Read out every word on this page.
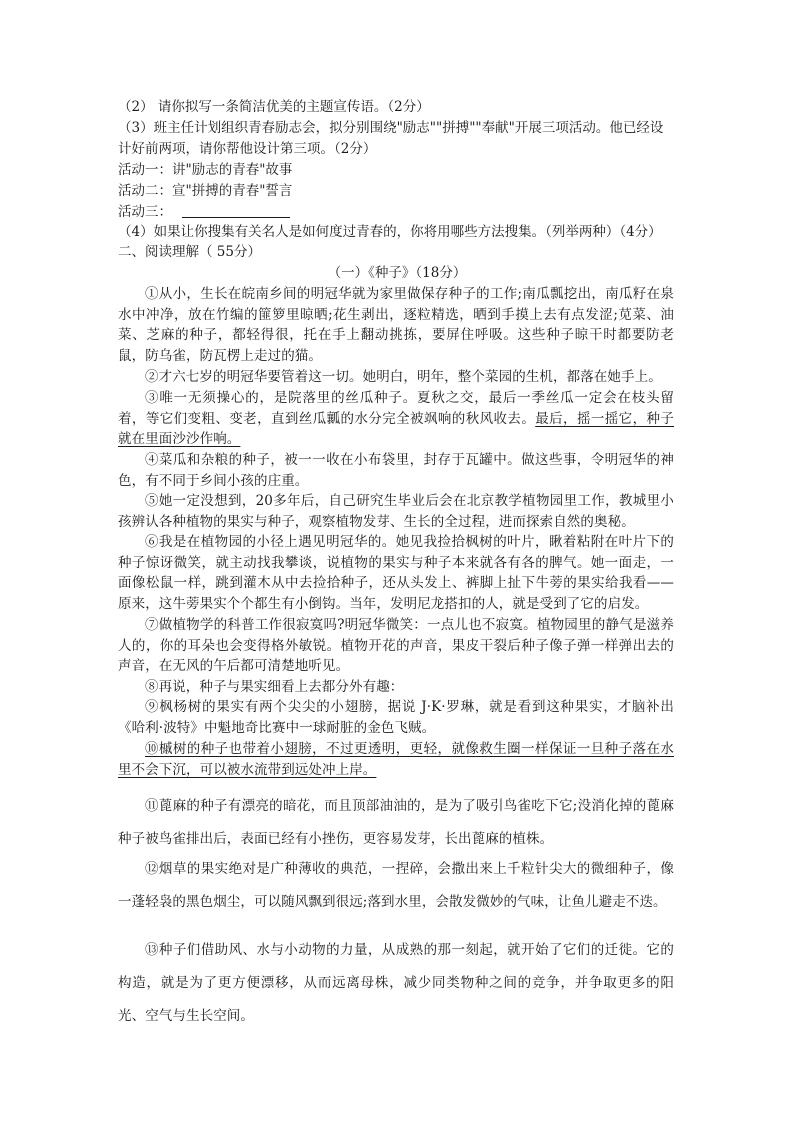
（2） 请你拟写一条简洁优美的主题宣传语。（2分）
（3）班主任计划组织青春励志会，拟分别围绕"励志""拼搏""奉献"开展三项活动。他已经设
计好前两项，请你帮他设计第三项。（2分）
活动一：讲"励志的青春"故事
活动二：宣"拼搏的青春"誓言
活动三：
（4）如果让你搜集有关名人是如何度过青春的，你将用哪些方法搜集。（列举两种）（4分）
二、阅读理解（ 55分）
（一）《种子》（18分）
①从小，生长在皖南乡间的明冠华就为家里做保存种子的工作;南瓜瓢挖出，南瓜籽在泉水中冲净，放在竹编的篚箩里晾晒;花生剥出，逐粒精选，晒到手摸上去有点发涩;苋菜、油菜、芝麻的种子，都轻得很，托在手上翻动挑拣，要屏住呼吸。这些种子晾干时都要防老鼠，防乌雀，防瓦楞上走过的猫。
②才六七岁的明冠华要管着这一切。她明白，明年，整个菜园的生机，都落在她手上。
③唯一无须操心的，是院落里的丝瓜种子。夏秋之交，最后一季丝瓜一定会在枝头留着，等它们变粗、变老，直到丝瓜瓤的水分完全被飒响的秋风收去。最后，摇一摇它，种子就在里面沙沙作响。
④菜瓜和杂粮的种子，被一一收在小布袋里，封存于瓦罐中。做这些事，令明冠华的神色，有不同于乡间小孩的庄重。
⑤她一定没想到，20多年后，自己研究生毕业后会在北京教学植物园里工作，教城里小孩辨认各种植物的果实与种子，观察植物发芽、生长的全过程，进而探索自然的奥秘。
⑥我是在植物园的小径上遇见明冠华的。她见我捡拾枫树的叶片，瞅着粘附在叶片下的种子惊讶微笑，就主动找我攀谈，说植物的果实与种子本来就各有各的脾气。她一面走，一面像松鼠一样，跳到灌木从中去捡拾种子，还从头发上、裤脚上扯下牛蒡的果实给我看——原来，这牛蒡果实个个都生有小倒钩。当年，发明尼龙搭扣的人，就是受到了它的启发。
⑦做植物学的科普工作很寂寞吗?明冠华微笑：一点儿也不寂寞。植物园里的静气是滋养人的，你的耳朵也会变得格外敏锐。植物开花的声音，果皮干裂后种子像子弹一样弹出去的声音，在无风的午后都可清楚地听见。
⑧再说，种子与果实细看上去都分外有趣：
⑨枫杨树的果实有两个尖尖的小翅膀，据说 J·K·罗琳，就是看到这种果实，才脑补出《哈利·波特》中魁地奇比赛中一球耐脏的金色飞贼。
⑩槭树的种子也带着小翅膀，不过更透明，更轻，就像救生圈一样保证一旦种子落在水里不会下沉，可以被水流带到远处冲上岸。
⑪蓖麻的种子有漂亮的暗花，而且顶部油油的，是为了吸引鸟雀吃下它;没消化掉的蓖麻种子被鸟雀排出后，表面已经有小挫伤，更容易发芽，长出蓖麻的植株。
⑫烟草的果实绝对是广种薄收的典范，一捏碎，会撒出来上千粒针尖大的微细种子，像一蓬轻袅的黑色烟尘，可以随风飘到很远;落到水里，会散发微妙的气味，让鱼儿避走不迭。
⑬种子们借助风、水与小动物的力量，从成熟的那一刻起，就开始了它们的迁徙。它的构造，就是为了更方便漂移，从而远离母株，减少同类物种之间的竞争，并争取更多的阳光、空气与生长空间。
